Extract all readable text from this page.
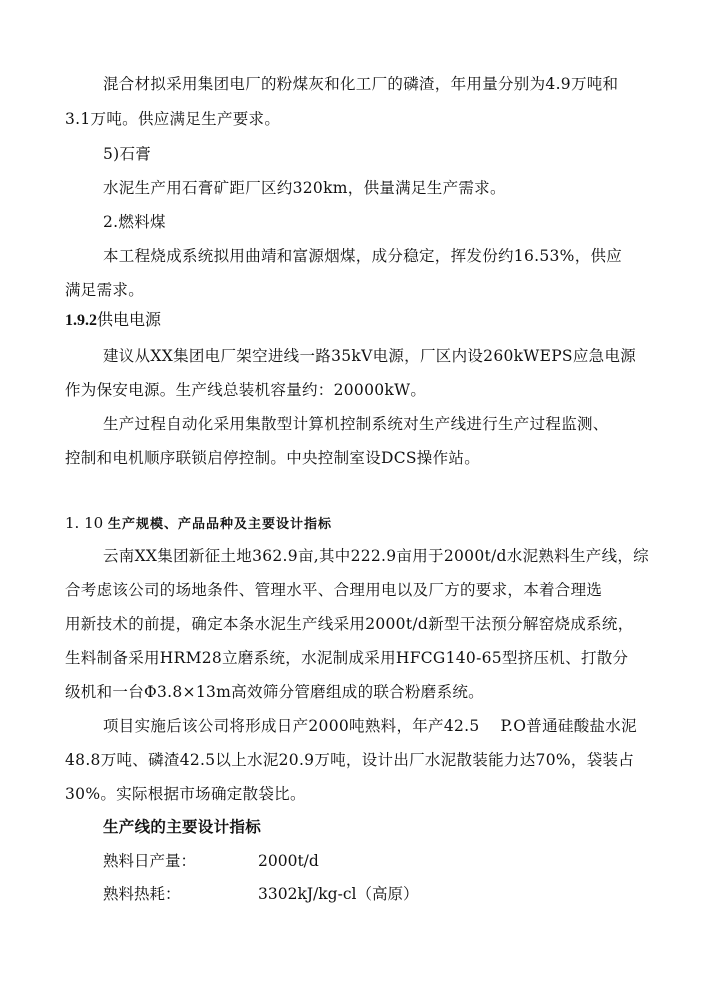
混合材拟采用集团电厂的粉煤灰和化工厂的磷渣，年用量分别为4.9万吨和
3.1万吨。供应满足生产要求。
5)石膏
水泥生产用石膏矿距厂区约320km，供量满足生产需求。
2.燃料煤
本工程烧成系统拟用曲靖和富源烟煤，成分稳定，挥发份约16.53%，供应
满足需求。
1.9.2供电电源
建议从XX集团电厂架空进线一路35kV电源，厂区内设260kWEPS应急电源
作为保安电源。生产线总装机容量约：20000kW。
生产过程自动化采用集散型计算机控制系统对生产线进行生产过程监测、
控制和电机顺序联锁启停控制。中央控制室设DCS操作站。
1. 10 生产规模、产品品种及主要设计指标
云南XX集团新征土地362.9亩,其中222.9亩用于2000t/d水泥熟料生产线，综
合考虑该公司的场地条件、管理水平、合理用电以及厂方的要求，本着合理选
用新技术的前提，确定本条水泥生产线采用2000t/d新型干法预分解窑烧成系统，
生料制备采用HRM28立磨系统，水泥制成采用HFCG140-65型挤压机、打散分
级机和一台Φ3.8×13m高效筛分管磨组成的联合粉磨系统。
项目实施后该公司将形成日产2000吨熟料，年产42.5    P.O普通硅酸盐水泥
48.8万吨、磷渣42.5以上水泥20.9万吨，设计出厂水泥散装能力达70%，袋装占
30%。实际根据市场确定散袋比。
生产线的主要设计指标
熟料日产量：	2000t/d
熟料热耗：	3302kJ/kg-cl（高原）
